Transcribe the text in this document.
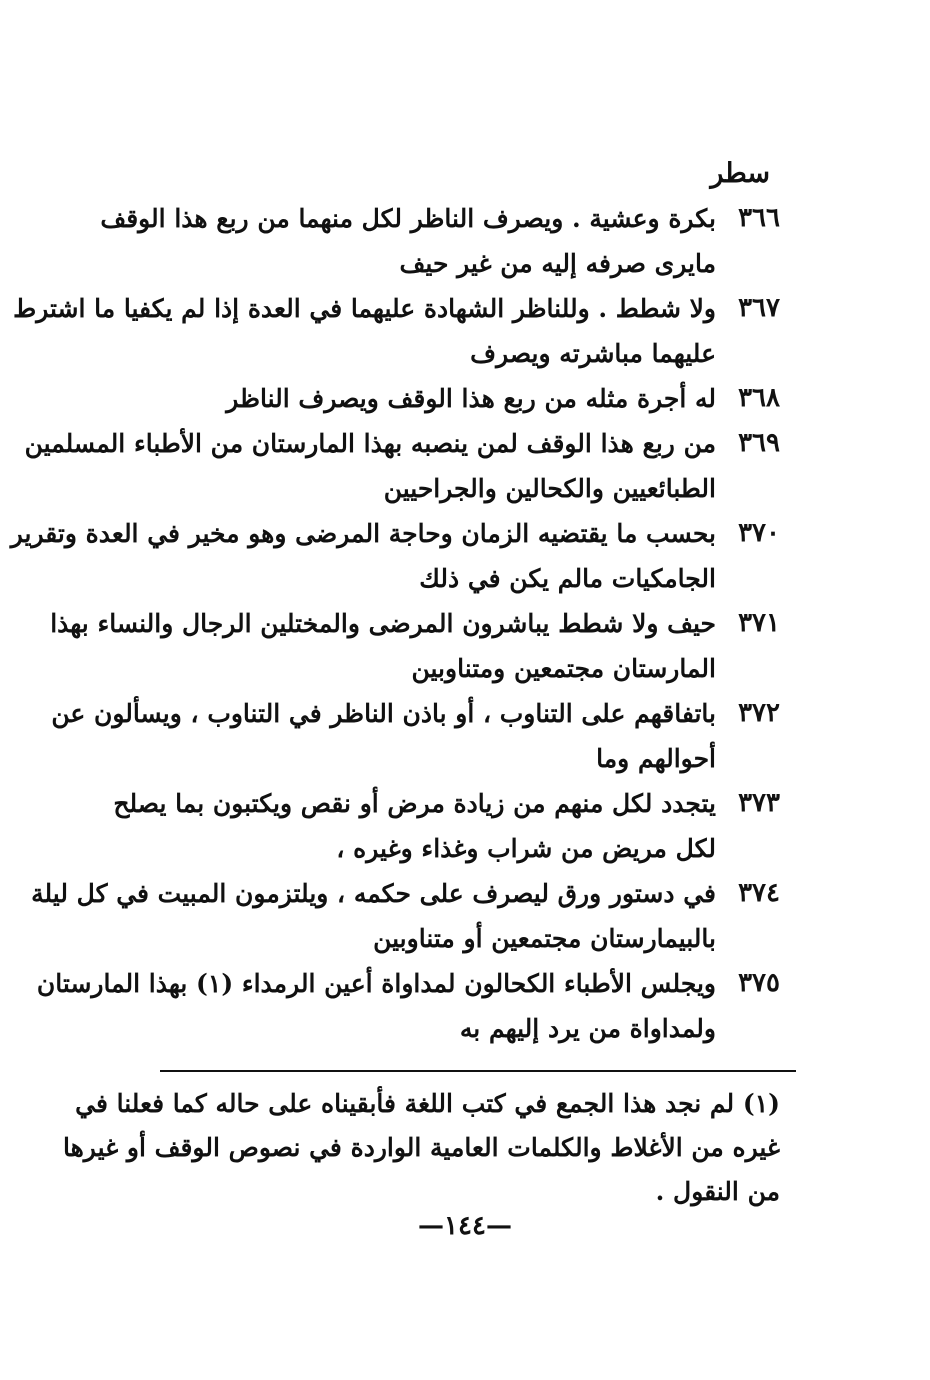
سطر
٣٦٦
بكرة وعشية . ويصرف الناظر لكل منهما من ربع هذا الوقف
مايرى صرفه إليه من غير حيف
٣٦٧
ولا شطط . وللناظر الشهادة عليهما في العدة إذا لم يكفيا ما اشترط
عليهما مباشرته ويصرف
٣٦٨
له أجرة مثله من ربع هذا الوقف ويصرف الناظر
٣٦٩
من ربع هذا الوقف لمن ينصبه بهذا المارستان من الأطباء المسلمين
الطبائعيين والكحالين والجراحيين
٣٧٠
بحسب ما يقتضيه الزمان وحاجة المرضى وهو مخير في العدة وتقرير
الجامكيات مالم يكن في ذلك
٣٧١
حيف ولا شطط يباشرون المرضى والمختلين الرجال والنساء بهذا
المارستان مجتمعين ومتناوبين
٣٧٢
باتفاقهم على التناوب ، أو باذن الناظر في التناوب ، ويسألون عن
أحوالهم وما
٣٧٣
يتجدد لكل منهم من زيادة مرض أو نقص ويكتبون بما يصلح
لكل مريض من شراب وغذاء وغيره ،
٣٧٤
في دستور ورق ليصرف على حكمه ، ويلتزمون المبيت في كل ليلة
بالبيمارستان مجتمعين أو متناوبين
٣٧٥
ويجلس الأطباء الكحالون لمداواة أعين الرمداء (١) بهذا المارستان
ولمداواة من يرد إليهم به
(١) لم نجد هذا الجمع في كتب اللغة فأبقيناه على حاله كما فعلنا في
غيره من الأغلاط والكلمات العامية الواردة في نصوص الوقف أو غيرها
من النقول .
—١٤٤—
